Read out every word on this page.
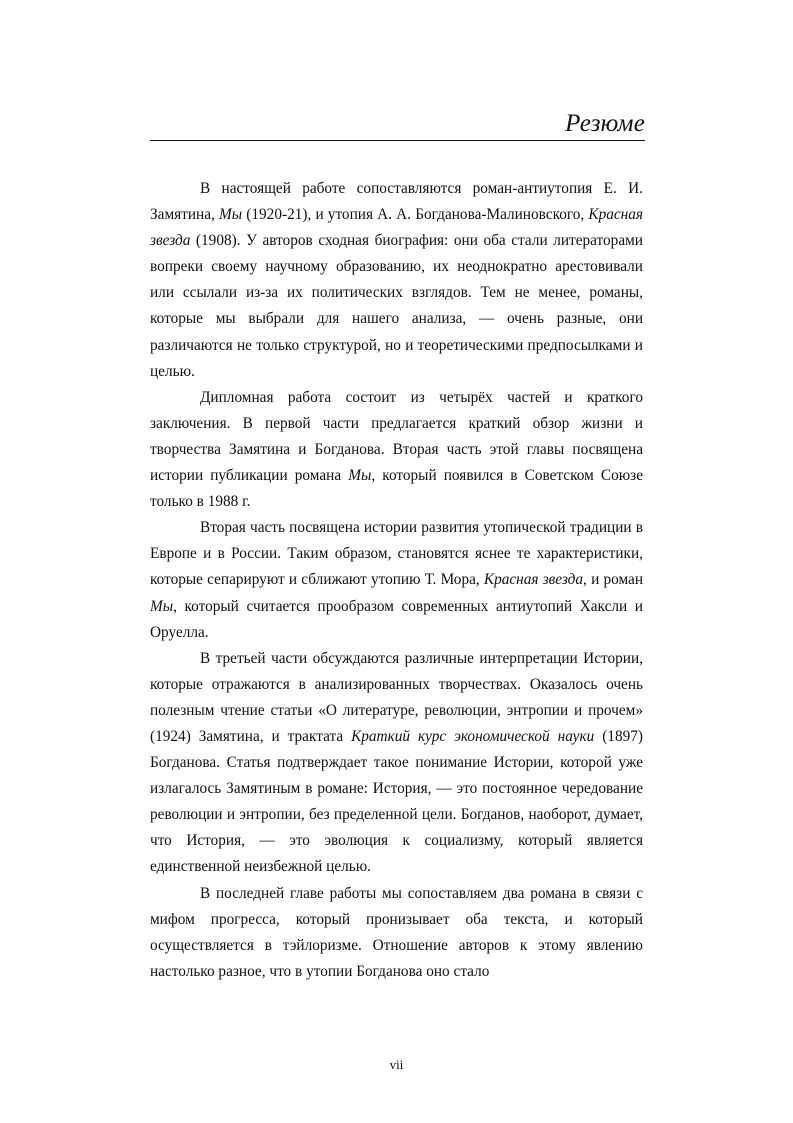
Резюме

В настоящей работе сопоставляются роман-антиутопия Е. И. Замятина, Мы (1920-21), и утопия А. А. Богданова-Малиновского, Красная звезда (1908). У авторов сходная биография: они оба стали литераторами вопреки своему научному образованию, их неоднократно арестовивали или ссылали из-за их политических взглядов. Тем не менее, романы, которые мы выбрали для нашего анализа, — очень разные, они различаются не только структурой, но и теоретическими предпосылками и целью.

Дипломная работа состоит из четырёх частей и краткого заключения. В первой части предлагается краткий обзор жизни и творчества Замятина и Богданова. Вторая часть этой главы посвящена истории публикации романа Мы, который появился в Советском Союзе только в 1988 г.

Вторая часть посвящена истории развития утопической традиции в Европе и в России. Таким образом, становятся яснее те характеристики, которые сепарируют и сближают утопию Т. Мора, Красная звезда, и роман Мы, который считается прообразом современных антиутопий Хаксли и Оруелла.

В третьей части обсуждаются различные интерпретации Истории, которые отражаются в анализированных творчествах. Оказалось очень полезным чтение статьи «О литературе, революции, энтропии и прочем» (1924) Замятина, и трактата Краткий курс экономической науки (1897) Богданова. Статья подтверждает такое понимание Истории, которой уже излагалось Замятиным в романе: История, — это постоянное чередование революции и энтропии, без пределенной цели. Богданов, наоборот, думает, что История, — это эволюция к социализму, который является единственной неизбежной целью.

В последней главе работы мы сопоставляем два романа в связи с мифом прогресса, который пронизывает оба текста, и который осуществляется в тэйлоризме. Отношение авторов к этому явлению настолько разное, что в утопии Богданова оно стало

vii
